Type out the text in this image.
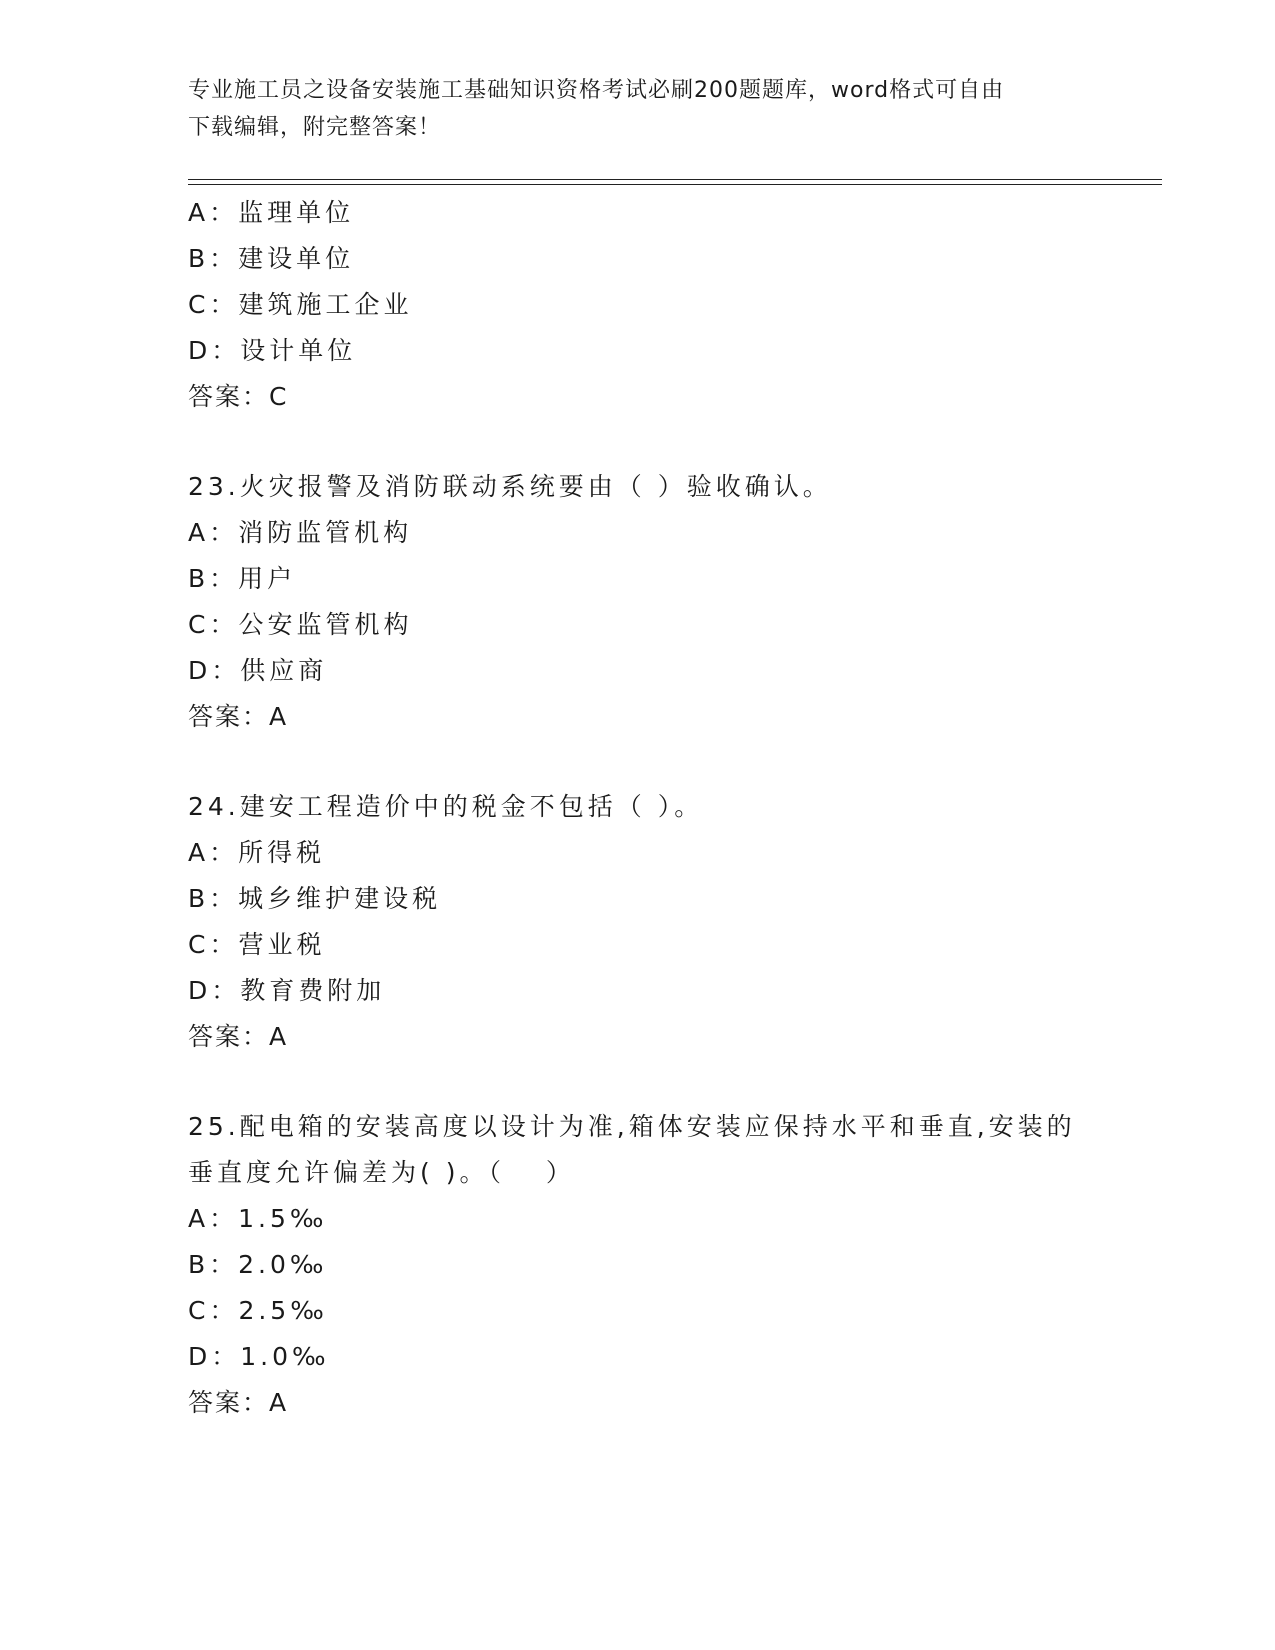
专业施工员之设备安装施工基础知识资格考试必刷200题题库，word格式可自由
下载编辑，附完整答案！
A：监理单位
B：建设单位
C：建筑施工企业
D：设计单位
答案：C
23.火灾报警及消防联动系统要由（ ）验收确认。
A：消防监管机构
B：用户
C：公安监管机构
D：供应商
答案：A
24.建安工程造价中的税金不包括（ ）。
A：所得税
B：城乡维护建设税
C：营业税
D：教育费附加
答案：A
25.配电箱的安装高度以设计为准,箱体安装应保持水平和垂直,安装的
垂直度允许偏差为( )。（　 ）
A：1.5‰
B：2.0‰
C：2.5‰
D：1.0‰
答案：A
